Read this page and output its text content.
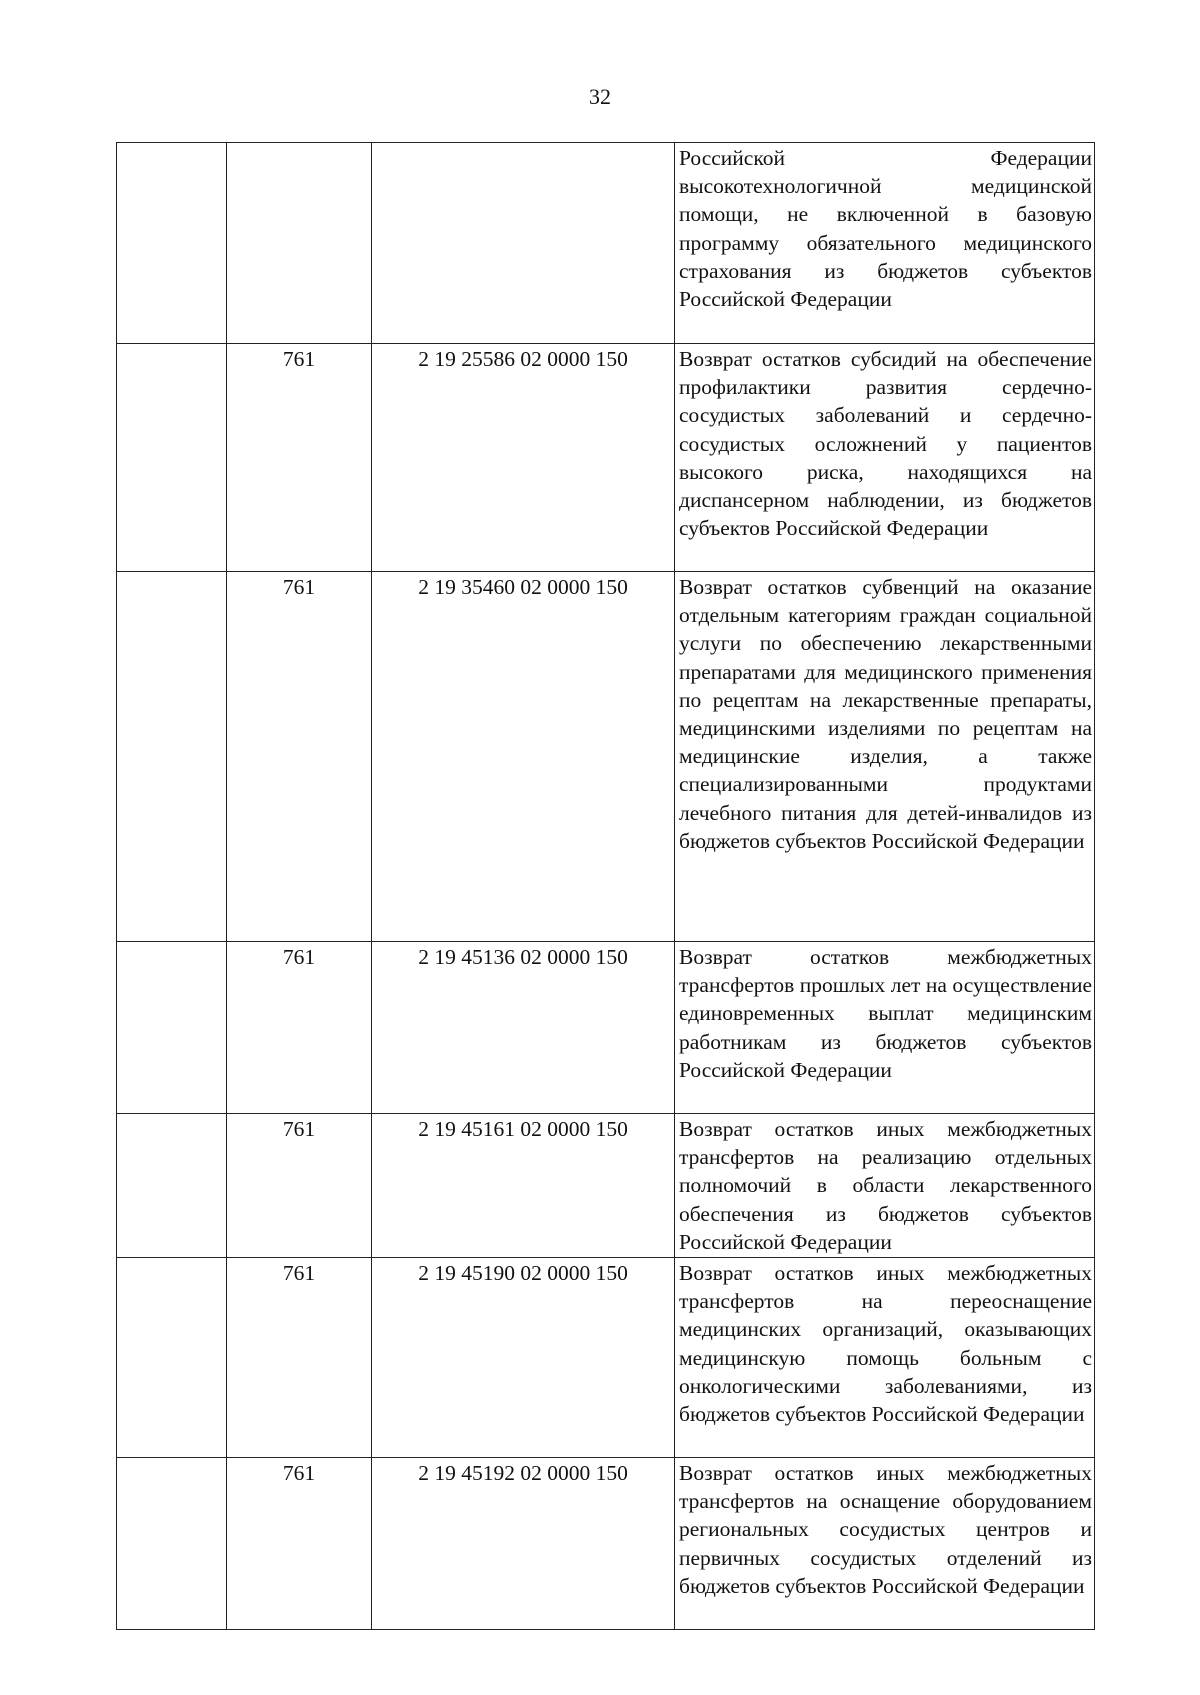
32
			Российской Федерации высокотехнологичной медицинской помощи, не включенной в базовую программу обязательного медицинского страхования из бюджетов субъектов Российской Федерации
	761	2 19 25586 02 0000 150	Возврат остатков субсидий на обеспечение профилактики развития сердечно-сосудистых заболеваний и сердечно-сосудистых осложнений у пациентов высокого риска, находящихся на диспансерном наблюдении, из бюджетов субъектов Российской Федерации
	761	2 19 35460 02 0000 150	Возврат остатков субвенций на оказание отдельным категориям граждан социальной услуги по обеспечению лекарственными препаратами для медицинского применения по рецептам на лекарственные препараты, медицинскими изделиями по рецептам на медицинские изделия, а также специализированными продуктами лечебного питания для детей-инвалидов из бюджетов субъектов Российской Федерации
	761	2 19 45136 02 0000 150	Возврат остатков межбюджетных трансфертов прошлых лет на осуществление единовременных выплат медицинским работникам из бюджетов субъектов Российской Федерации
	761	2 19 45161 02 0000 150	Возврат остатков иных межбюджетных трансфертов на реализацию отдельных полномочий в области лекарственного обеспечения из бюджетов субъектов Российской Федерации
	761	2 19 45190 02 0000 150	Возврат остатков иных межбюджетных трансфертов на переоснащение медицинских организаций, оказывающих медицинскую помощь больным с онкологическими заболеваниями, из бюджетов субъектов Российской Федерации
	761	2 19 45192 02 0000 150	Возврат остатков иных межбюджетных трансфертов на оснащение оборудованием региональных сосудистых центров и первичных сосудистых отделений из бюджетов субъектов Российской Федерации
